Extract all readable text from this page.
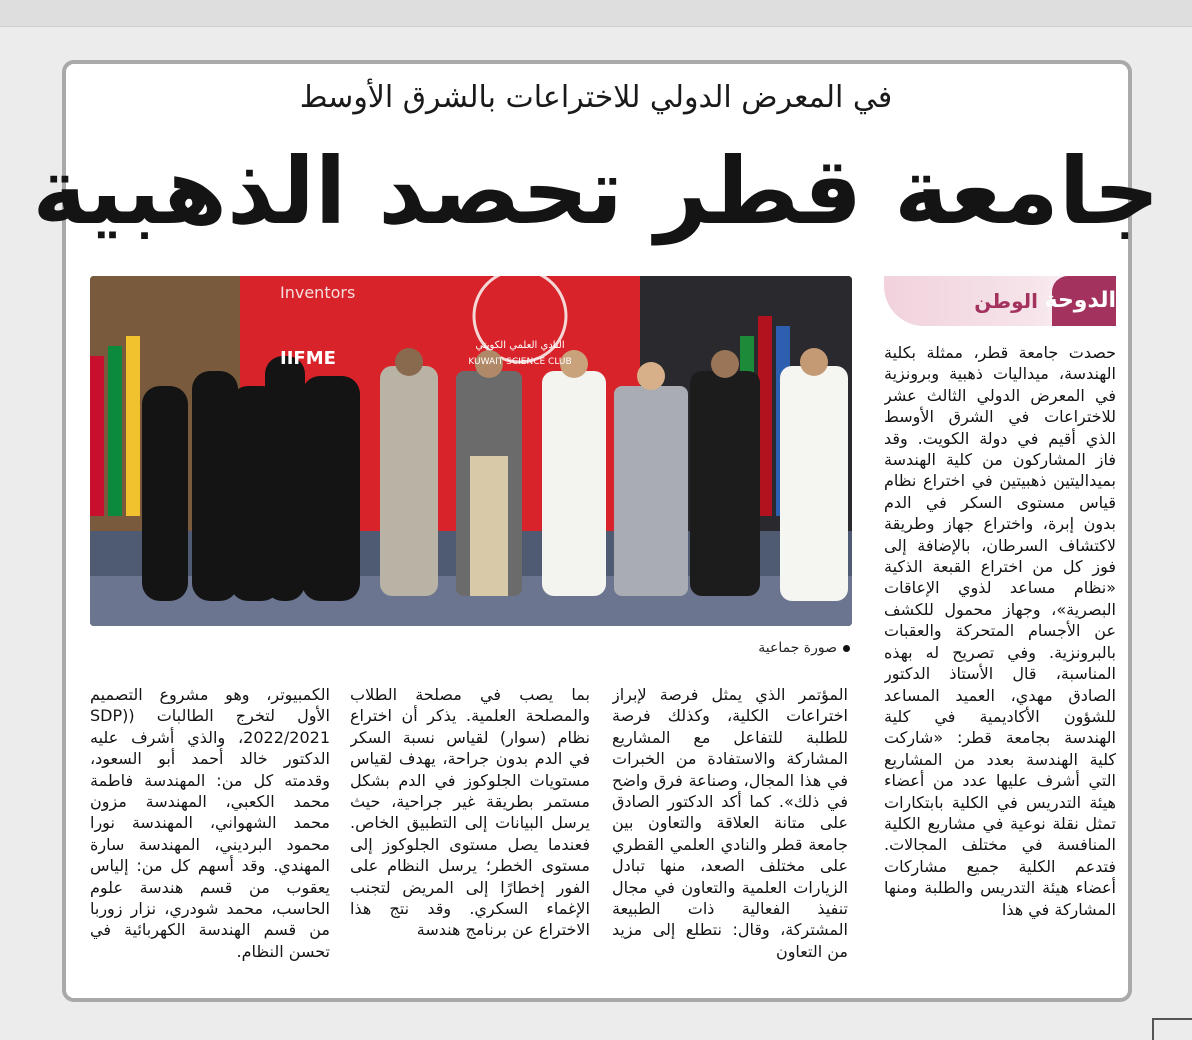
في المعرض الدولي للاختراعات بالشرق الأوسط
جامعة قطر تحصد الذهبية
Inventors
IIFME
النادي العلمي الكويتي
KUWAIT SCIENCE CLUB
صورة جماعية
الدوحة
الوطن

حصدت جامعة قطر، ممثلة بكلية الهندسة، ميداليات ذهبية وبرونزية في المعرض الدولي الثالث عشر للاختراعات في الشرق الأوسط الذي أقيم في دولة الكويت. وقد فاز المشاركون من كلية الهندسة بميداليتين ذهبيتين في اختراع نظام قياس مستوى السكر في الدم بدون إبرة، واختراع جهاز وطريقة لاكتشاف السرطان، بالإضافة إلى فوز كل من اختراع القبعة الذكية «نظام مساعد لذوي الإعاقات البصرية»، وجهاز محمول للكشف عن الأجسام المتحركة والعقبات بالبرونزية. وفي تصريح له بهذه المناسبة، قال الأستاذ الدكتور الصادق مهدي، العميد المساعد للشؤون الأكاديمية في كلية الهندسة بجامعة قطر: «شاركت كلية الهندسة بعدد من المشاريع التي أشرف عليها عدد من أعضاء هيئة التدريس في الكلية بابتكارات تمثل نقلة نوعية في مشاريع الكلية المنافسة في مختلف المجالات. فتدعم الكلية جميع مشاركات أعضاء هيئة التدريس والطلبة ومنها المشاركة في هذا

المؤتمر الذي يمثل فرصة لإبراز اختراعات الكلية، وكذلك فرصة للطلبة للتفاعل مع المشاريع المشاركة والاستفادة من الخبرات في هذا المجال، وصناعة فرق واضح في ذلك». كما أكد الدكتور الصادق على متانة العلاقة والتعاون بين جامعة قطر والنادي العلمي القطري على مختلف الصعد، منها تبادل الزيارات العلمية والتعاون في مجال تنفيذ الفعالية ذات الطبيعة المشتركة، وقال: نتطلع إلى مزيد من التعاون

بما يصب في مصلحة الطلاب والمصلحة العلمية. يذكر أن اختراع نظام (سوار) لقياس نسبة السكر في الدم بدون جراحة، يهدف لقياس مستويات الجلوكوز في الدم بشكل مستمر بطريقة غير جراحية، حيث يرسل البيانات إلى التطبيق الخاص. فعندما يصل مستوى الجلوكوز إلى مستوى الخطر؛ يرسل النظام على الفور إخطارًا إلى المريض لتجنب الإغماء السكري. وقد نتج هذا الاختراع عن برنامج هندسة

الكمبيوتر، وهو مشروع التصميم الأول لتخرج الطالبات ((SDP 2022/2021، والذي أشرف عليه الدكتور خالد أحمد أبو السعود، وقدمته كل من: المهندسة فاطمة محمد الكعبي، المهندسة مزون محمد الشهواني، المهندسة نورا محمود البرديني، المهندسة سارة المهندي. وقد أسهم كل من: إلياس يعقوب من قسم هندسة علوم الحاسب، محمد شودري، نزار زوربا من قسم الهندسة الكهربائية في تحسن النظام.
